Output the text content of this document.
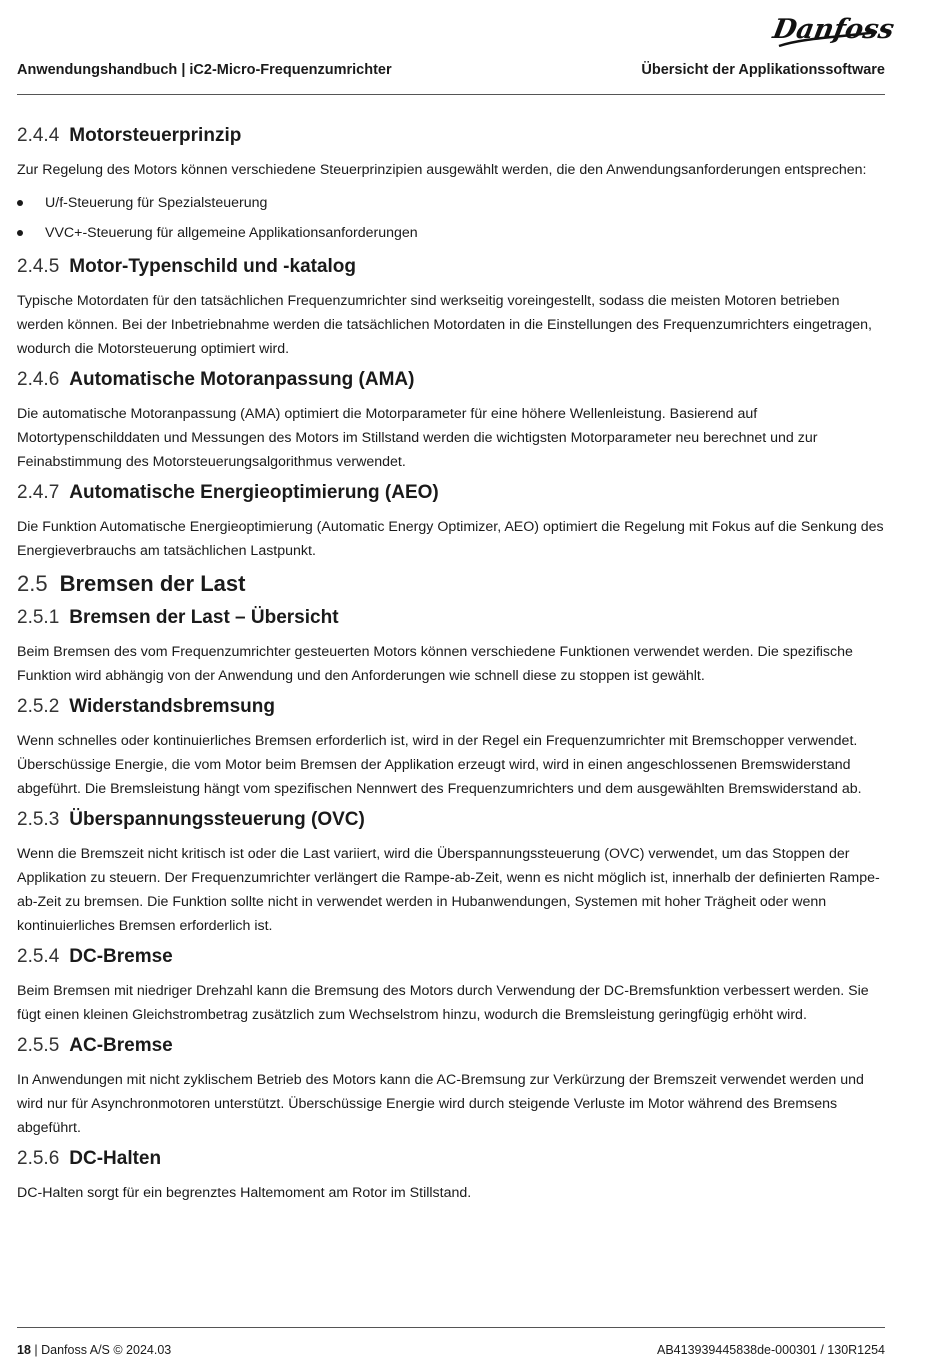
Danfoss
Anwendungshandbuch | iC2-Micro-Frequenzumrichter	Übersicht der Applikationssoftware
2.4.4 Motorsteuerprinzip

Zur Regelung des Motors können verschiedene Steuerprinzipien ausgewählt werden, die den Anwendungsanforderungen entsprechen:

U/f-Steuerung für Spezialsteuerung
VVC+-Steuerung für allgemeine Applikationsanforderungen
2.4.5 Motor-Typenschild und -katalog

Typische Motordaten für den tatsächlichen Frequenzumrichter sind werkseitig voreingestellt, sodass die meisten Motoren betrieben werden können. Bei der Inbetriebnahme werden die tatsächlichen Motordaten in die Einstellungen des Frequenzumrichters eingetragen, wodurch die Motorsteuerung optimiert wird.

2.4.6 Automatische Motoranpassung (AMA)

Die automatische Motoranpassung (AMA) optimiert die Motorparameter für eine höhere Wellenleistung. Basierend auf Motortypenschilddaten und Messungen des Motors im Stillstand werden die wichtigsten Motorparameter neu berechnet und zur Feinabstimmung des Motorsteuerungsalgorithmus verwendet.

2.4.7 Automatische Energieoptimierung (AEO)

Die Funktion Automatische Energieoptimierung (Automatic Energy Optimizer, AEO) optimiert die Regelung mit Fokus auf die Senkung des Energieverbrauchs am tatsächlichen Lastpunkt.

2.5 Bremsen der Last
2.5.1 Bremsen der Last – Übersicht

Beim Bremsen des vom Frequenzumrichter gesteuerten Motors können verschiedene Funktionen verwendet werden. Die spezifische Funktion wird abhängig von der Anwendung und den Anforderungen wie schnell diese zu stoppen ist gewählt.

2.5.2 Widerstandsbremsung

Wenn schnelles oder kontinuierliches Bremsen erforderlich ist, wird in der Regel ein Frequenzumrichter mit Bremschopper verwendet. Überschüssige Energie, die vom Motor beim Bremsen der Applikation erzeugt wird, wird in einen angeschlossenen Bremswiderstand abgeführt. Die Bremsleistung hängt vom spezifischen Nennwert des Frequenzumrichters und dem ausgewählten Bremswiderstand ab.

2.5.3 Überspannungssteuerung (OVC)

Wenn die Bremszeit nicht kritisch ist oder die Last variiert, wird die Überspannungssteuerung (OVC) verwendet, um das Stoppen der Applikation zu steuern. Der Frequenzumrichter verlängert die Rampe-ab-Zeit, wenn es nicht möglich ist, innerhalb der definierten Rampe-ab-Zeit zu bremsen. Die Funktion sollte nicht in verwendet werden in Hubanwendungen, Systemen mit hoher Trägheit oder wenn kontinuierliches Bremsen erforderlich ist.

2.5.4 DC-Bremse

Beim Bremsen mit niedriger Drehzahl kann die Bremsung des Motors durch Verwendung der DC-Bremsfunktion verbessert werden. Sie fügt einen kleinen Gleichstrombetrag zusätzlich zum Wechselstrom hinzu, wodurch die Bremsleistung geringfügig erhöht wird.

2.5.5 AC-Bremse

In Anwendungen mit nicht zyklischem Betrieb des Motors kann die AC-Bremsung zur Verkürzung der Bremszeit verwendet werden und wird nur für Asynchronmotoren unterstützt. Überschüssige Energie wird durch steigende Verluste im Motor während des Bremsens abgeführt.

2.5.6 DC-Halten

DC-Halten sorgt für ein begrenztes Haltemoment am Rotor im Stillstand.

18 | Danfoss A/S © 2024.03	AB413939445838de-000301 / 130R1254
